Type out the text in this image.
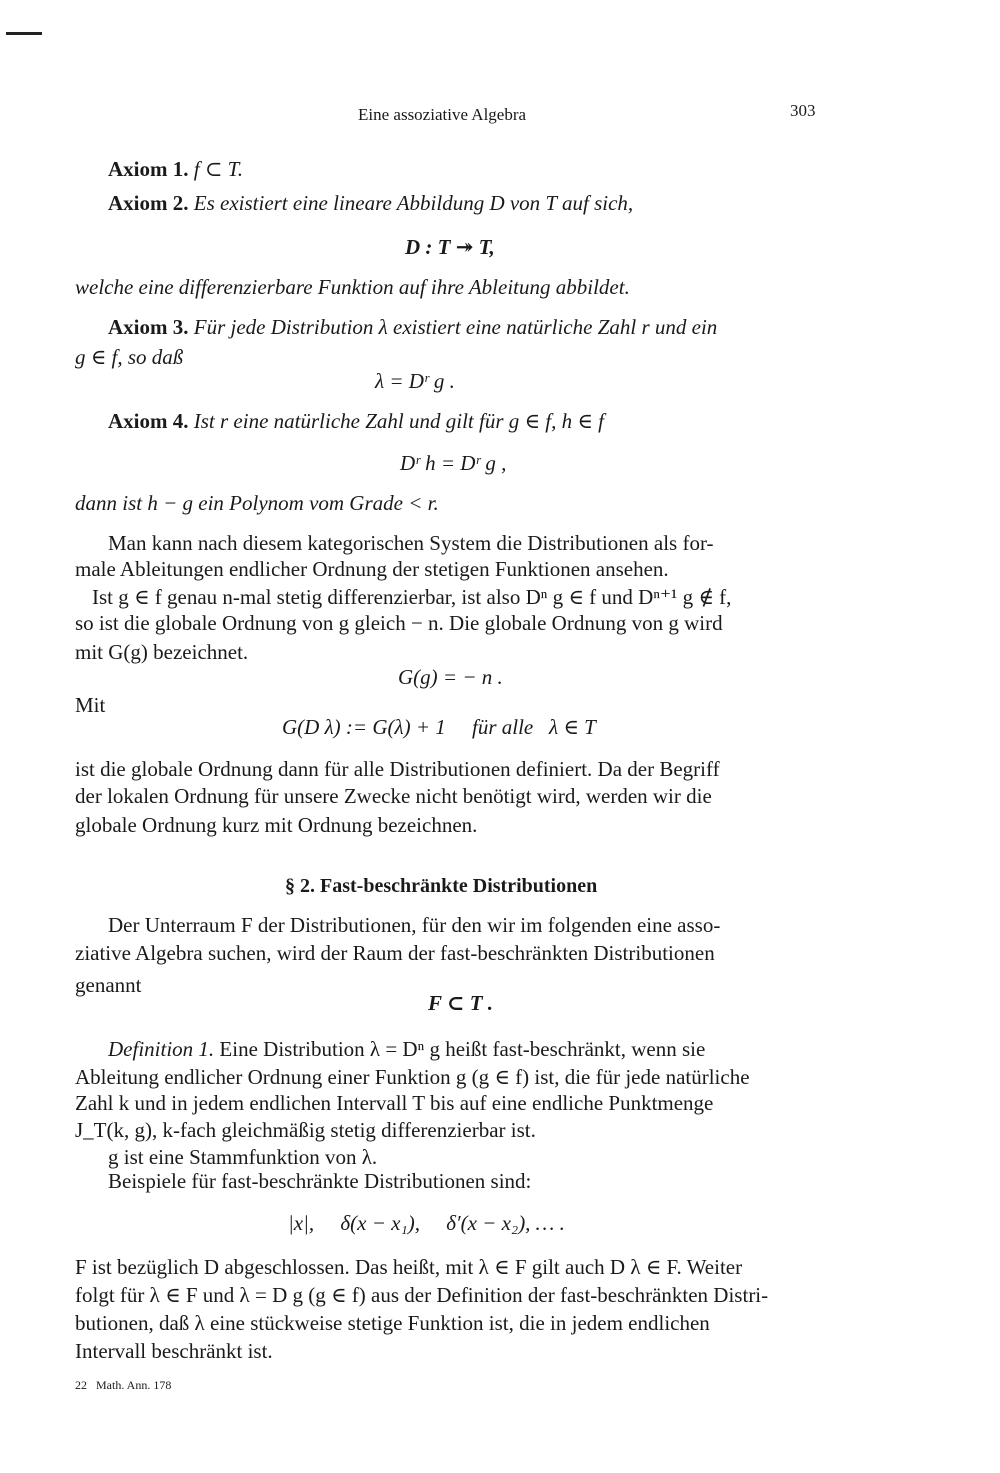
Eine assoziative Algebra	303
Axiom 1. f ⊂ T.
Axiom 2. Es existiert eine lineare Abbildung D von T auf sich,
D : T ↠ T,
welche eine differenzierbare Funktion auf ihre Ableitung abbildet.
Axiom 3. Für jede Distribution λ existiert eine natürliche Zahl r und ein
g ∈ f, so daß
λ = Dʳ g .
Axiom 4. Ist r eine natürliche Zahl und gilt für g ∈ f, h ∈ f
Dʳ h = Dʳ g ,
dann ist h − g ein Polynom vom Grade < r.
Man kann nach diesem kategorischen System die Distributionen als for-
male Ableitungen endlicher Ordnung der stetigen Funktionen ansehen.
Ist g ∈ f genau n-mal stetig differenzierbar, ist also Dⁿ g ∈ f und Dⁿ⁺¹ g ∉ f,
so ist die globale Ordnung von g gleich − n. Die globale Ordnung von g wird
mit G(g) bezeichnet.
G(g) = − n .
Mit
G(D λ) := G(λ) + 1     für alle   λ ∈ T
ist die globale Ordnung dann für alle Distributionen definiert. Da der Begriff
der lokalen Ordnung für unsere Zwecke nicht benötigt wird, werden wir die
globale Ordnung kurz mit Ordnung bezeichnen.
§ 2. Fast-beschränkte Distributionen
Der Unterraum F der Distributionen, für den wir im folgenden eine asso-
ziative Algebra suchen, wird der Raum der fast-beschränkten Distributionen
genannt
F ⊂ T .
Definition 1. Eine Distribution λ = Dⁿ g heißt fast-beschränkt, wenn sie
Ableitung endlicher Ordnung einer Funktion g (g ∈ f) ist, die für jede natürliche
Zahl k und in jedem endlichen Intervall T bis auf eine endliche Punktmenge
J_T(k, g), k-fach gleichmäßig stetig differenzierbar ist.
g ist eine Stammfunktion von λ.
Beispiele für fast-beschränkte Distributionen sind:
|x|,     δ(x − x₁),     δ′(x − x₂), … .
F ist bezüglich D abgeschlossen. Das heißt, mit λ ∈ F gilt auch D λ ∈ F. Weiter
folgt für λ ∈ F und λ = D g (g ∈ f) aus der Definition der fast-beschränkten Distri-
butionen, daß λ eine stückweise stetige Funktion ist, die in jedem endlichen
Intervall beschränkt ist.
22   Math. Ann. 178
